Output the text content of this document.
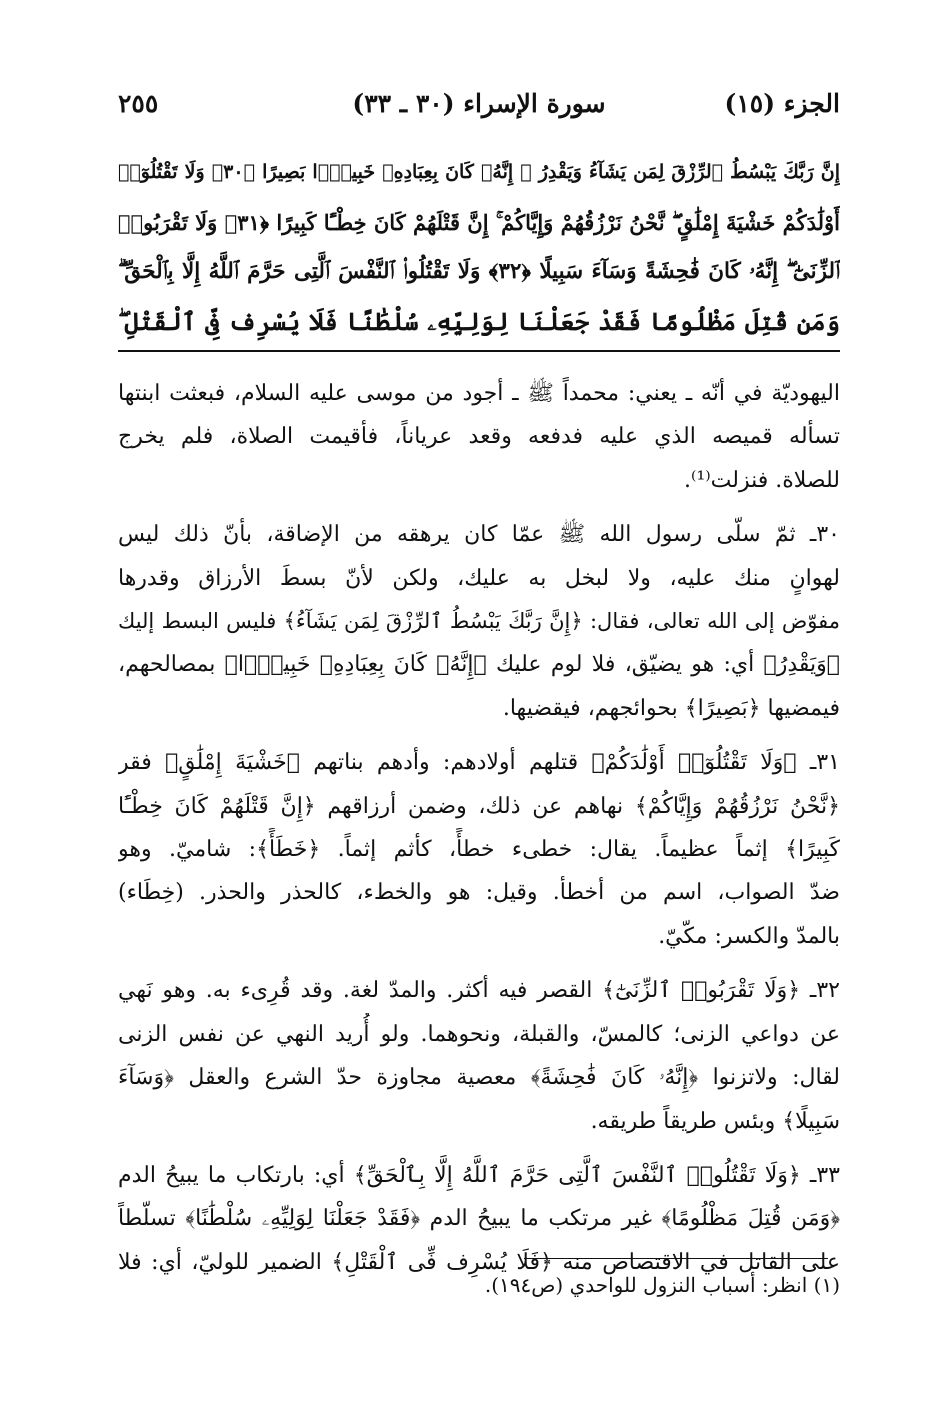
الجزء (١٥)
سورة الإسراء (٣٠ ـ ٣٣)
٢٥٥
إِنَّ رَبَّكَ يَبْسُطُ ٱلرِّزْقَ لِمَن يَشَآءُ وَيَقْدِرُ ۚ إِنَّهُۥ كَانَ بِعِبَادِهِۦ خَبِيرًۢا بَصِيرًا ﴿٣٠﴾ وَلَا تَقْتُلُوٓا۟
أَوْلَٰدَكُمْ خَشْيَةَ إِمْلَٰقٍ ۖ نَّحْنُ نَرْزُقُهُمْ وَإِيَّاكُمْ ۚ إِنَّ قَتْلَهُمْ كَانَ خِطْـًٔا كَبِيرًا ﴿٣١﴾ وَلَا تَقْرَبُوا۟
ٱلزِّنَىٰٓ ۖ إِنَّهُۥ كَانَ فَٰحِشَةً وَسَآءَ سَبِيلًا ﴿٣٢﴾ وَلَا تَقْتُلُوا۟ ٱلنَّفْسَ ٱلَّتِى حَرَّمَ ٱللَّهُ إِلَّا بِٱلْحَقِّ ۗ
وَمَن قُتِلَ مَظْلُومًا فَقَدْ جَعَلْنَا لِوَلِيِّهِۦ سُلْطَٰنًا فَلَا يُسْرِف فِّى ٱلْقَتْلِ ۖ
اليهوديّة في أنّه ـ يعني: محمداً ﷺ ـ أجود من موسى عليه السلام، فبعثت ابنتها
تسأله قميصه الذي عليه فدفعه وقعد عرياناً، فأقيمت الصلاة، فلم يخرج
للصلاة. فنزلت⁽¹⁾.
٣٠ـ ثمّ سلّى رسول الله ﷺ عمّا كان يرهقه من الإضاقة، بأنّ ذلك ليس
لهوانٍ منك عليه، ولا لبخل به عليك، ولكن لأنّ بسطَ الأرزاق وقدرها
مفوّض إلى الله تعالى، فقال: ﴿إِنَّ رَبَّكَ يَبْسُطُ ٱلرِّزْقَ لِمَن يَشَآءُ﴾ فليس البسط إليك
﴿وَيَقْدِرُ﴾ أي: هو يضيّق، فلا لوم عليك ﴿إِنَّهُۥ كَانَ بِعِبَادِهِۦ خَبِيرًۢا﴾ بمصالحهم،
فيمضيها ﴿بَصِيرًا﴾ بحوائجهم، فيقضيها.
٣١ـ ﴿وَلَا تَقْتُلُوٓا۟ أَوْلَٰدَكُمْ﴾ قتلهم أولادهم: وأدهم بناتهم ﴿خَشْيَةَ إِمْلَٰقٍ﴾ فقر
﴿نَّحْنُ نَرْزُقُهُمْ وَإِيَّاكُمْ﴾ نهاهم عن ذلك، وضمن أرزاقهم ﴿إِنَّ قَتْلَهُمْ كَانَ خِطْـًٔا
كَبِيرًا﴾ إثماً عظيماً. يقال: خطىء خطأً، كأثم إثماً. ﴿خَطَأً﴾: شاميّ. وهو
ضدّ الصواب، اسم من أخطأ. وقيل: هو والخطء، كالحذر والحذر. (خِطَاء)
بالمدّ والكسر: مكّيّ.
٣٢ـ ﴿وَلَا تَقْرَبُوا۟ ٱلزِّنَىٰٓ﴾ القصر فيه أكثر. والمدّ لغة. وقد قُرِىء به. وهو نَهي
عن دواعي الزنى؛ كالمسّ، والقبلة، ونحوهما. ولو أُريد النهي عن نفس الزنى
لقال: ولاتزنوا ﴿إِنَّهُۥ كَانَ فَٰحِشَةً﴾ معصية مجاوزة حدّ الشرع والعقل ﴿وَسَآءَ
سَبِيلًا﴾ وبئس طريقاً طريقه.
٣٣ـ ﴿وَلَا تَقْتُلُوا۟ ٱلنَّفْسَ ٱلَّتِى حَرَّمَ ٱللَّهُ إِلَّا بِٱلْحَقِّ﴾ أي: بارتكاب ما يبيحُ الدم
﴿وَمَن قُتِلَ مَظْلُومًا﴾ غير مرتكب ما يبيحُ الدم ﴿فَقَدْ جَعَلْنَا لِوَلِيِّهِۦ سُلْطَٰنًا﴾ تسلّطاً
على القاتل في الاقتصاص منه ﴿فَلَا يُسْرِف فِّى ٱلْقَتْلِ﴾ الضمير للوليّ، أي: فلا
(١) انظر: أسباب النزول للواحدي (ص١٩٤).
